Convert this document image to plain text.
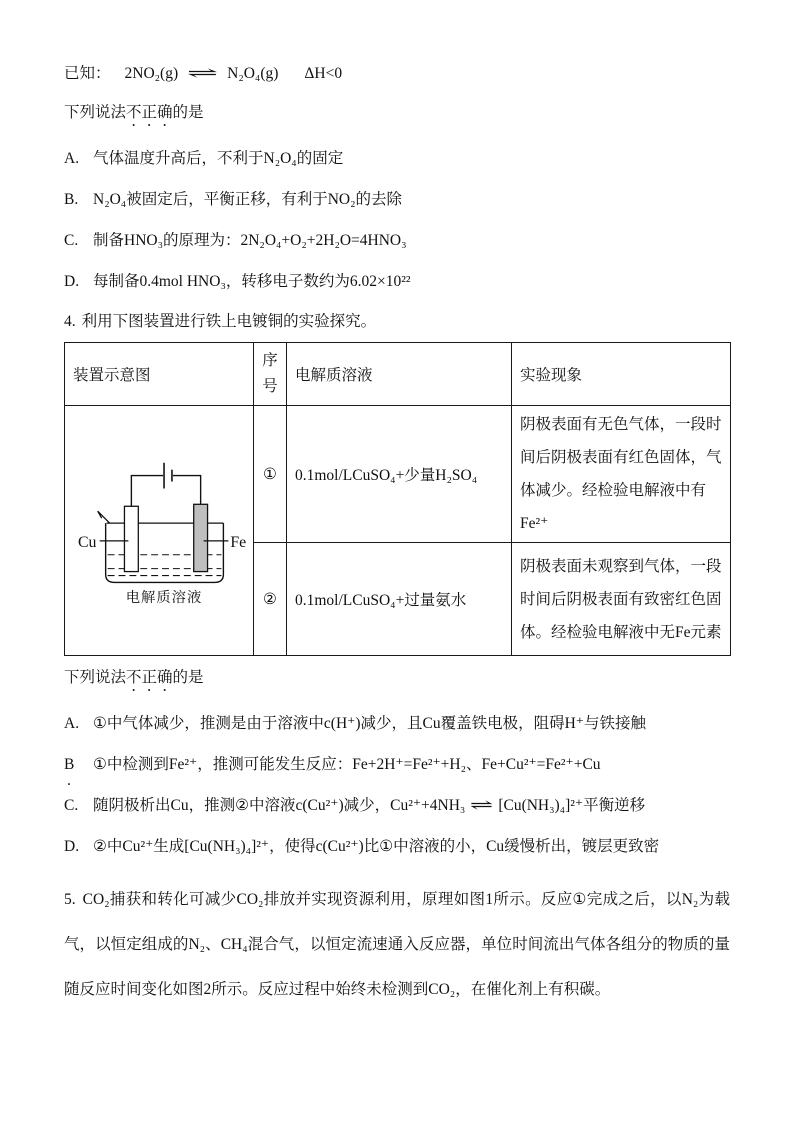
已知： 2NO₂(g) ⇌ N₂O₄(g) ΔH<0

下列说法不正确的是

A. 气体温度升高后，不利于N₂O₄的固定

B. N₂O₄被固定后，平衡正移，有利于NO₂的去除

C. 制备HNO₃的原理为：2N₂O₄+O₂+2H₂O=4HNO₃

D. 每制备0.4mol HNO₃，转移电子数约为6.02×10²²

4. 利用下图装置进行铁上电镀铜的实验探究。

装置示意图	序号	电解质溶液	实验现象

Cu Fe
电解质溶液	①	0.1mol/LCuSO₄+少量H₂SO₄	阴极表面有无色气体，一段时间后阴极表面有红色固体，气体减少。经检验电解液中有Fe²⁺
	②	0.1mol/LCuSO₄+过量氨水	阴极表面未观察到气体，一段时间后阴极表面有致密红色固体。经检验电解液中无Fe元素

下列说法不正确的是

A. ①中气体减少，推测是由于溶液中c(H⁺)减少，且Cu覆盖铁电极，阻碍H⁺与铁接触

B . ①中检测到Fe²⁺，推测可能发生反应：Fe+2H⁺=Fe²⁺+H₂、Fe+Cu²⁺=Fe²⁺+Cu

C. 随阴极析出Cu，推测②中溶液c(Cu²⁺)减少，Cu²⁺+4NH₃ ⇌ [Cu(NH₃)₄]²⁺平衡逆移

D. ②中Cu²⁺生成[Cu(NH₃)₄]²⁺，使得c(Cu²⁺)比①中溶液的小，Cu缓慢析出，镀层更致密

5. CO₂捕获和转化可减少CO₂排放并实现资源利用，原理如图1所示。反应①完成之后，以N₂为载气，以恒定组成的N₂、CH₄混合气，以恒定流速通入反应器，单位时间流出气体各组分的物质的量随反应时间变化如图2所示。反应过程中始终未检测到CO₂，在催化剂上有积碳。
